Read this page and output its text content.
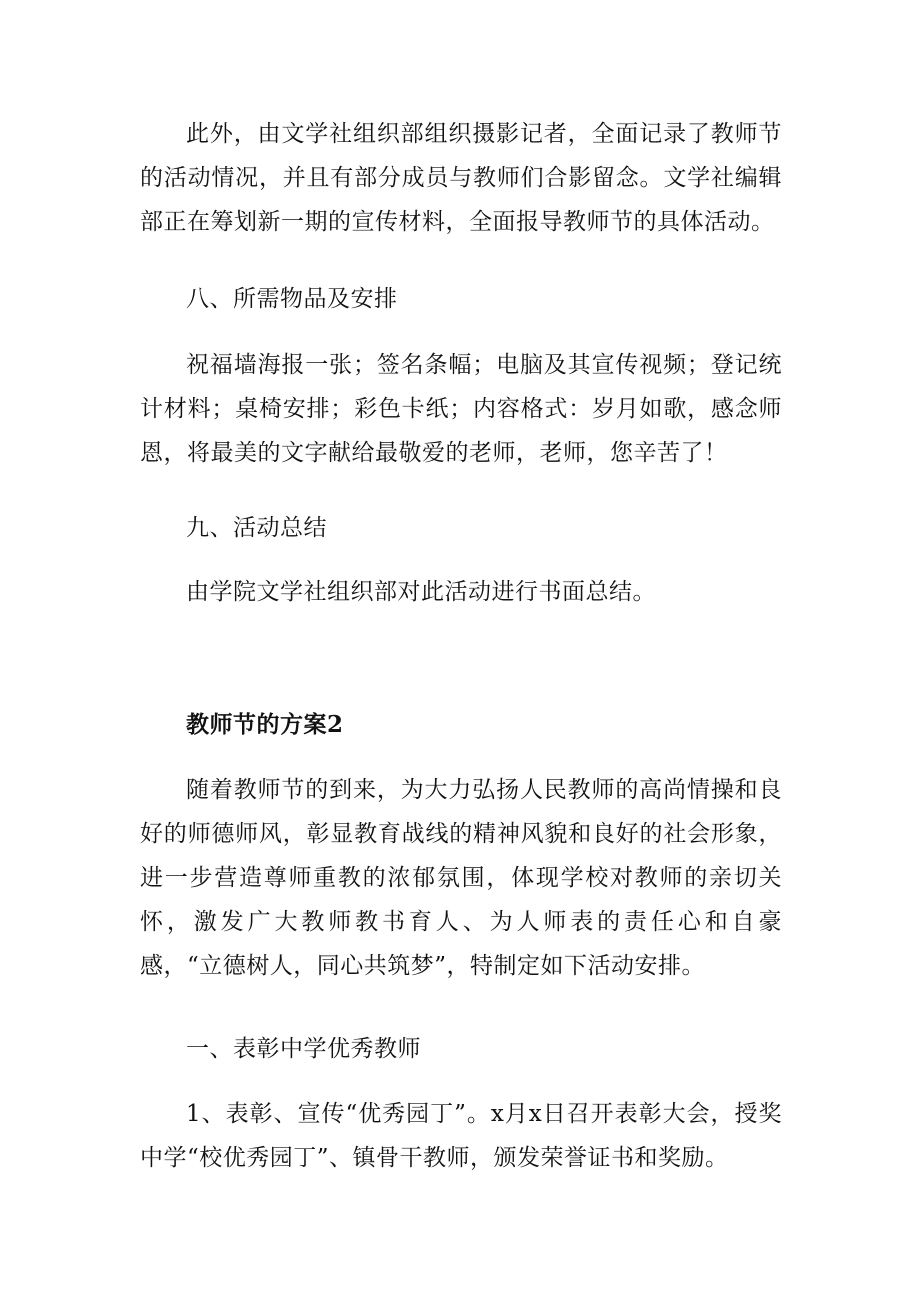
此外，由文学社组织部组织摄影记者，全面记录了教师节的活动情况，并且有部分成员与教师们合影留念。文学社编辑部正在筹划新一期的宣传材料，全面报导教师节的具体活动。

八、所需物品及安排

祝福墙海报一张；签名条幅；电脑及其宣传视频；登记统计材料；桌椅安排；彩色卡纸；内容格式：岁月如歌，感念师恩，将最美的文字献给最敬爱的老师，老师，您辛苦了！

九、活动总结

由学院文学社组织部对此活动进行书面总结。

教师节的方案2

随着教师节的到来，为大力弘扬人民教师的高尚情操和良好的师德师风，彰显教育战线的精神风貌和良好的社会形象，进一步营造尊师重教的浓郁氛围，体现学校对教师的亲切关怀，激发广大教师教书育人、为人师表的责任心和自豪感，“立德树人，同心共筑梦”，特制定如下活动安排。

一、表彰中学优秀教师

1、表彰、宣传“优秀园丁”。x月x日召开表彰大会，授奖中学“校优秀园丁”、镇骨干教师，颁发荣誉证书和奖励。
